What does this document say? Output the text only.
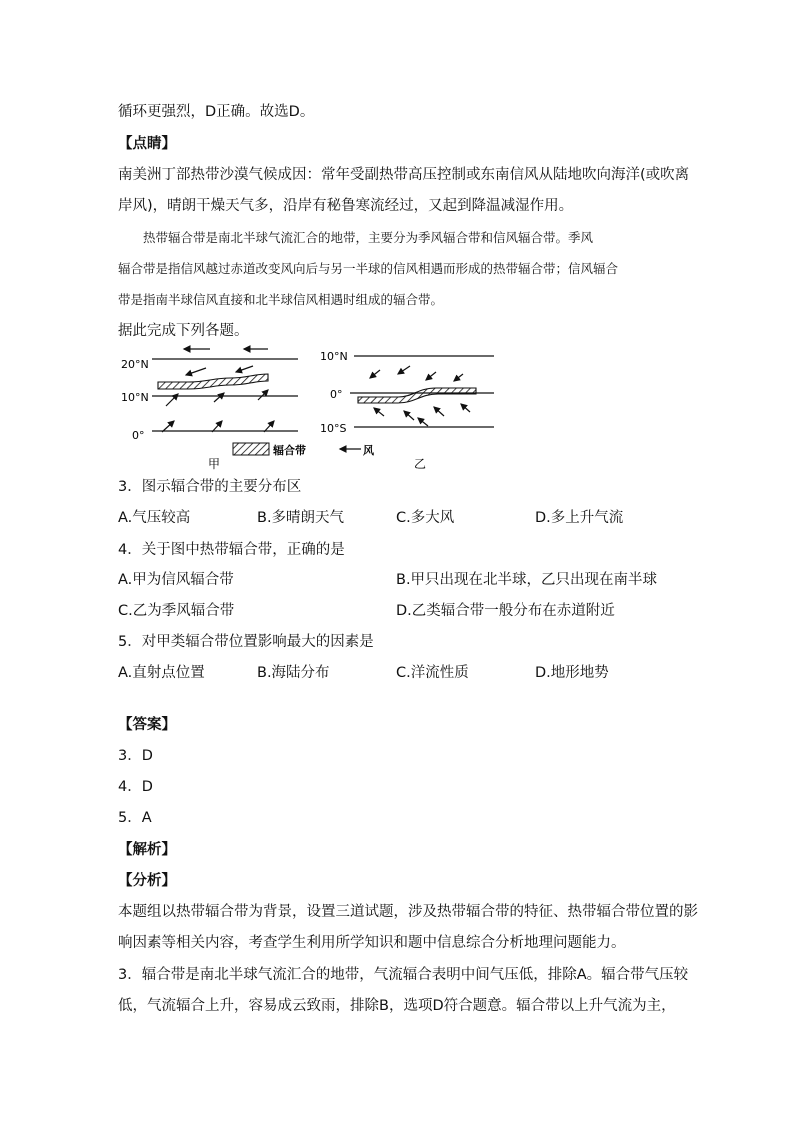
循环更强烈，D正确。故选D。
【点睛】
南美洲丁部热带沙漠气候成因：常年受副热带高压控制或东南信风从陆地吹向海洋(或吹离
岸风)，晴朗干燥天气多，沿岸有秘鲁寒流经过，又起到降温减湿作用。
　　热带辐合带是南北半球气流汇合的地带，主要分为季风辐合带和信风辐合带。季风
辐合带是指信风越过赤道改变风向后与另一半球的信风相遇而形成的热带辐合带；信风辐合
带是指南半球信风直接和北半球信风相遇时组成的辐合带。
据此完成下列各题。
20°N
10°N
0°
甲
辐合带	风
10°N
0°
10°S
乙
3．图示辐合带的主要分布区
A.气压较高	B.多晴朗天气	C.多大风	D.多上升气流
4．关于图中热带辐合带，正确的是
A.甲为信风辐合带	B.甲只出现在北半球，乙只出现在南半球
C.乙为季风辐合带	D.乙类辐合带一般分布在赤道附近
5．对甲类辐合带位置影响最大的因素是
A.直射点位置	B.海陆分布	C.洋流性质	D.地形地势
【答案】
3．D
4．D
5．A
【解析】
【分析】
本题组以热带辐合带为背景，设置三道试题，涉及热带辐合带的特征、热带辐合带位置的影
响因素等相关内容，考查学生利用所学知识和题中信息综合分析地理问题能力。
3．辐合带是南北半球气流汇合的地带，气流辐合表明中间气压低，排除A。辐合带气压较
低，气流辐合上升，容易成云致雨，排除B，选项D符合题意。辐合带以上升气流为主，
